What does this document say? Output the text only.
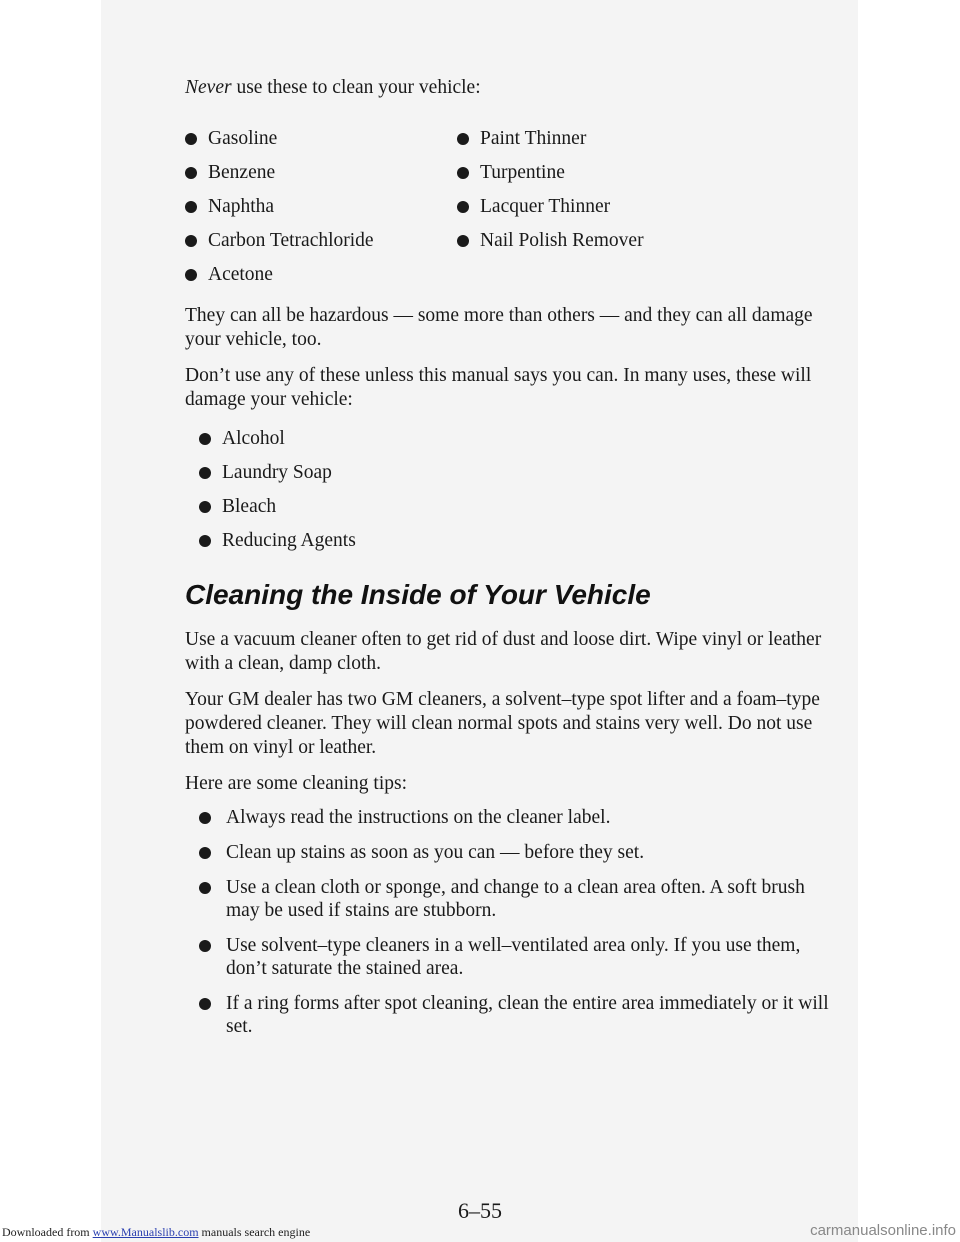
Never use these to clean your vehicle:

Gasoline
Benzene
Naphtha
Carbon Tetrachloride
Acetone
Paint Thinner
Turpentine
Lacquer Thinner
Nail Polish Remover

They can all be hazardous — some more than others — and they can all damage your vehicle, too.

Don’t use any of these unless this manual says you can. In many uses, these will damage your vehicle:

Alcohol
Laundry Soap
Bleach
Reducing Agents
Cleaning the Inside of Your Vehicle

Use a vacuum cleaner often to get rid of dust and loose dirt. Wipe vinyl or leather with a clean, damp cloth.

Your GM dealer has two GM cleaners, a solvent–type spot lifter and a foam–type powdered cleaner. They will clean normal spots and stains very well. Do not use them on vinyl or leather.

Here are some cleaning tips:

Always read the instructions on the cleaner label.
Clean up stains as soon as you can — before they set.
Use a clean cloth or sponge, and change to a clean area often. A soft brush may be used if stains are stubborn.
Use solvent–type cleaners in a well–ventilated area only. If you use them, don’t saturate the stained area.
If a ring forms after spot cleaning, clean the entire area immediately or it will set.
6–55
Downloaded from www.Manualslib.com manuals search engine	carmanualsonline.info
